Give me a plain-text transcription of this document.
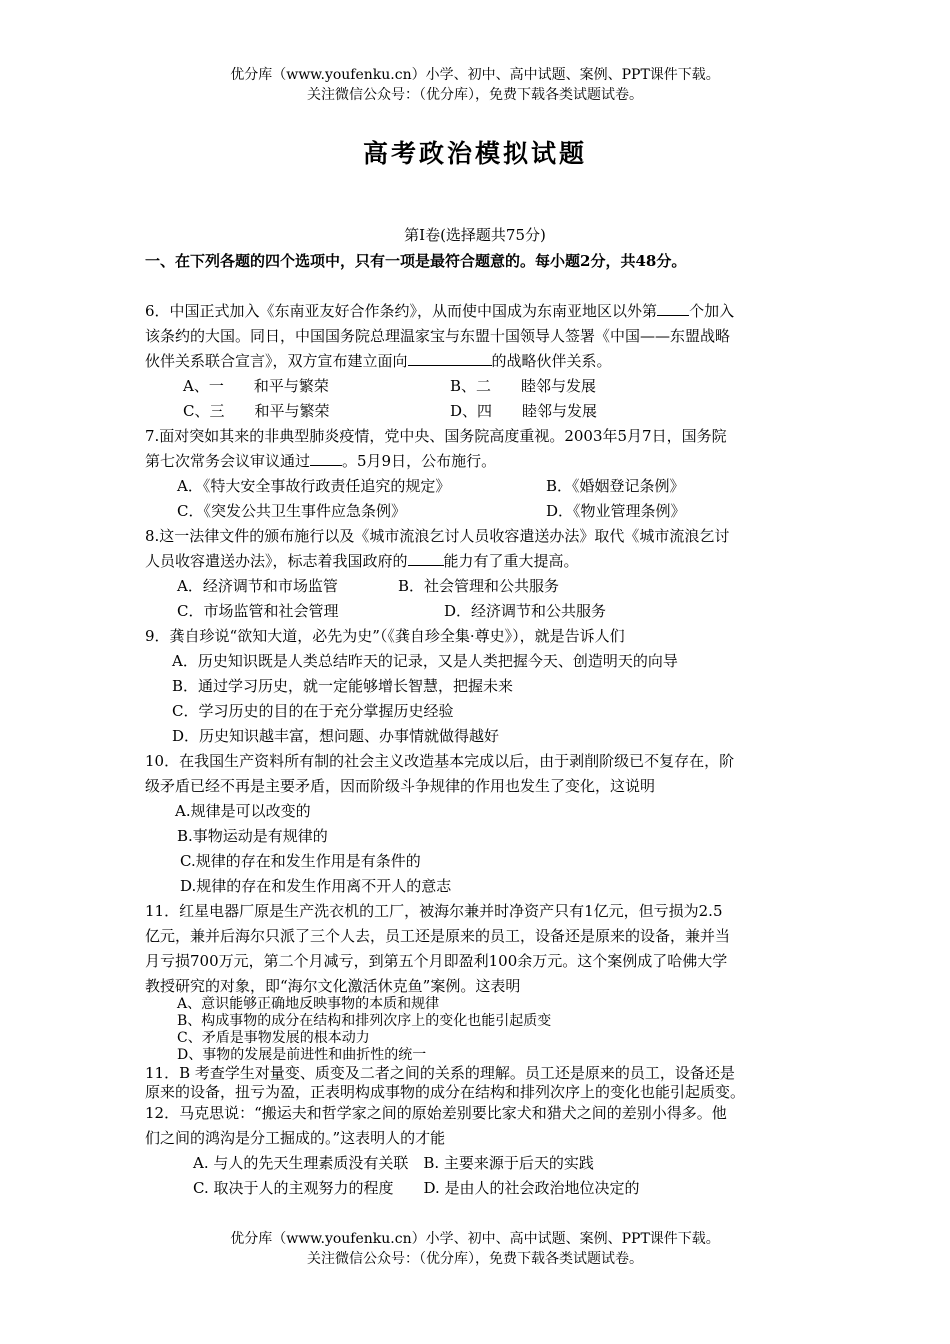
优分库（www.youfenku.cn）小学、初中、高中试题、案例、PPT课件下载。
关注微信公众号：（优分库），免费下载各类试题试卷。
高考政治模拟试题
第Ⅰ卷(选择题共75分)
一、在下列各题的四个选项中，只有一项是最符合题意的。每小题2分，共48分。
6．中国正式加入《东南亚友好合作条约》，从而使中国成为东南亚地区以外第 个加入
该条约的大国。同日，中国国务院总理温家宝与东盟十国领导人签署《中国——东盟战略
伙伴关系联合宣言》，双方宣布建立面向	的战略伙伴关系。
A、一　　和平与繁荣	B、二　　睦邻与发展
C、三　　和平与繁荣	D、四　　睦邻与发展
7.面对突如其来的非典型肺炎疫情，党中央、国务院高度重视。2003年5月7日，国务院
第七次常务会议审议通过 。5月9日，公布施行。
A．《特大安全事故行政责任追究的规定》	B．《婚姻登记条例》
C．《突发公共卫生事件应急条例》	D．《物业管理条例》
8.这一法律文件的颁布施行以及《城市流浪乞讨人员收容遣送办法》取代《城市流浪乞讨
人员收容遣送办法》，标志着我国政府的 能力有了重大提高。
A．经济调节和市场监管	B．社会管理和公共服务
C．市场监管和社会管理	D．经济调节和公共服务
9．龚自珍说“欲知大道，必先为史”（《龚自珍全集·尊史》），就是告诉人们
A．历史知识既是人类总结昨天的记录，又是人类把握今天、创造明天的向导
B．通过学习历史，就一定能够增长智慧，把握未来
C．学习历史的目的在于充分掌握历史经验
D．历史知识越丰富，想问题、办事情就做得越好
10．在我国生产资料所有制的社会主义改造基本完成以后，由于剥削阶级已不复存在，阶
级矛盾已经不再是主要矛盾，因而阶级斗争规律的作用也发生了变化，这说明
A.规律是可以改变的
B.事物运动是有规律的
C.规律的存在和发生作用是有条件的
D.规律的存在和发生作用离不开人的意志
11．红星电器厂原是生产洗衣机的工厂，被海尔兼并时净资产只有1亿元，但亏损为2.5
亿元，兼并后海尔只派了三个人去，员工还是原来的员工，设备还是原来的设备，兼并当
月亏损700万元，第二个月减亏，到第五个月即盈利100余万元。这个案例成了哈佛大学
教授研究的对象，即“海尔文化激活休克鱼”案例。这表明
A、意识能够正确地反映事物的本质和规律
B、构成事物的成分在结构和排列次序上的变化也能引起质变
C、矛盾是事物发展的根本动力
D、事物的发展是前进性和曲折性的统一
11．B 考查学生对量变、质变及二者之间的关系的理解。员工还是原来的员工，设备还是
原来的设备，扭亏为盈，正表明构成事物的成分在结构和排列次序上的变化也能引起质变。
12．马克思说：“搬运夫和哲学家之间的原始差别要比家犬和猎犬之间的差别小得多。他
们之间的鸿沟是分工掘成的。”这表明人的才能
A. 与人的先天生理素质没有关联　B. 主要来源于后天的实践
C. 取决于人的主观努力的程度　　D. 是由人的社会政治地位决定的
优分库（www.youfenku.cn）小学、初中、高中试题、案例、PPT课件下载。
关注微信公众号：（优分库），免费下载各类试题试卷。
